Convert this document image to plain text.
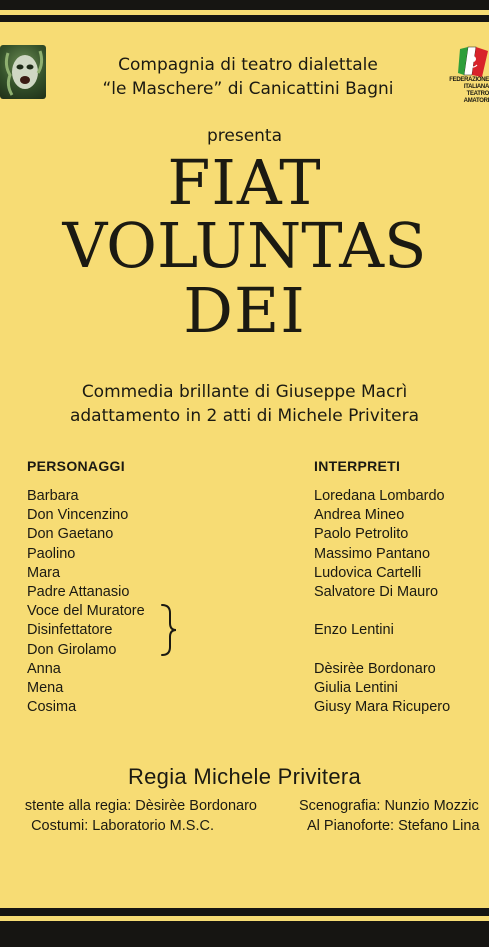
FEDERAZIONE
ITALIANA
TEATRO
AMATORI
Compagnia di teatro dialettale
“le Maschere” di Canicattini Bagni
presenta
FIAT
VOLUNTAS
DEI
Commedia brillante di Giuseppe Macrì
adattamento in 2 atti di Michele Privitera
PERSONAGGI	INTERPRETI
Barbara
Don Vincenzino
Don Gaetano
Paolino
Mara
Padre Attanasio
Voce del Muratore
Disinfettatore
Don Girolamo
Anna
Mena
Cosima
Loredana Lombardo
Andrea Mineo
Paolo Petrolito
Massimo Pantano
Ludovica Cartelli
Salvatore Di Mauro
Enzo Lentini
Dèsirèe Bordonaro
Giulia Lentini
Giusy Mara Ricupero
Regia Michele Privitera
stente alla regia: Dèsirèe Bordonaro
Costumi: Laboratorio M.S.C.
Scenografia: Nunzio Mozzic
Al Pianoforte: Stefano Lina
